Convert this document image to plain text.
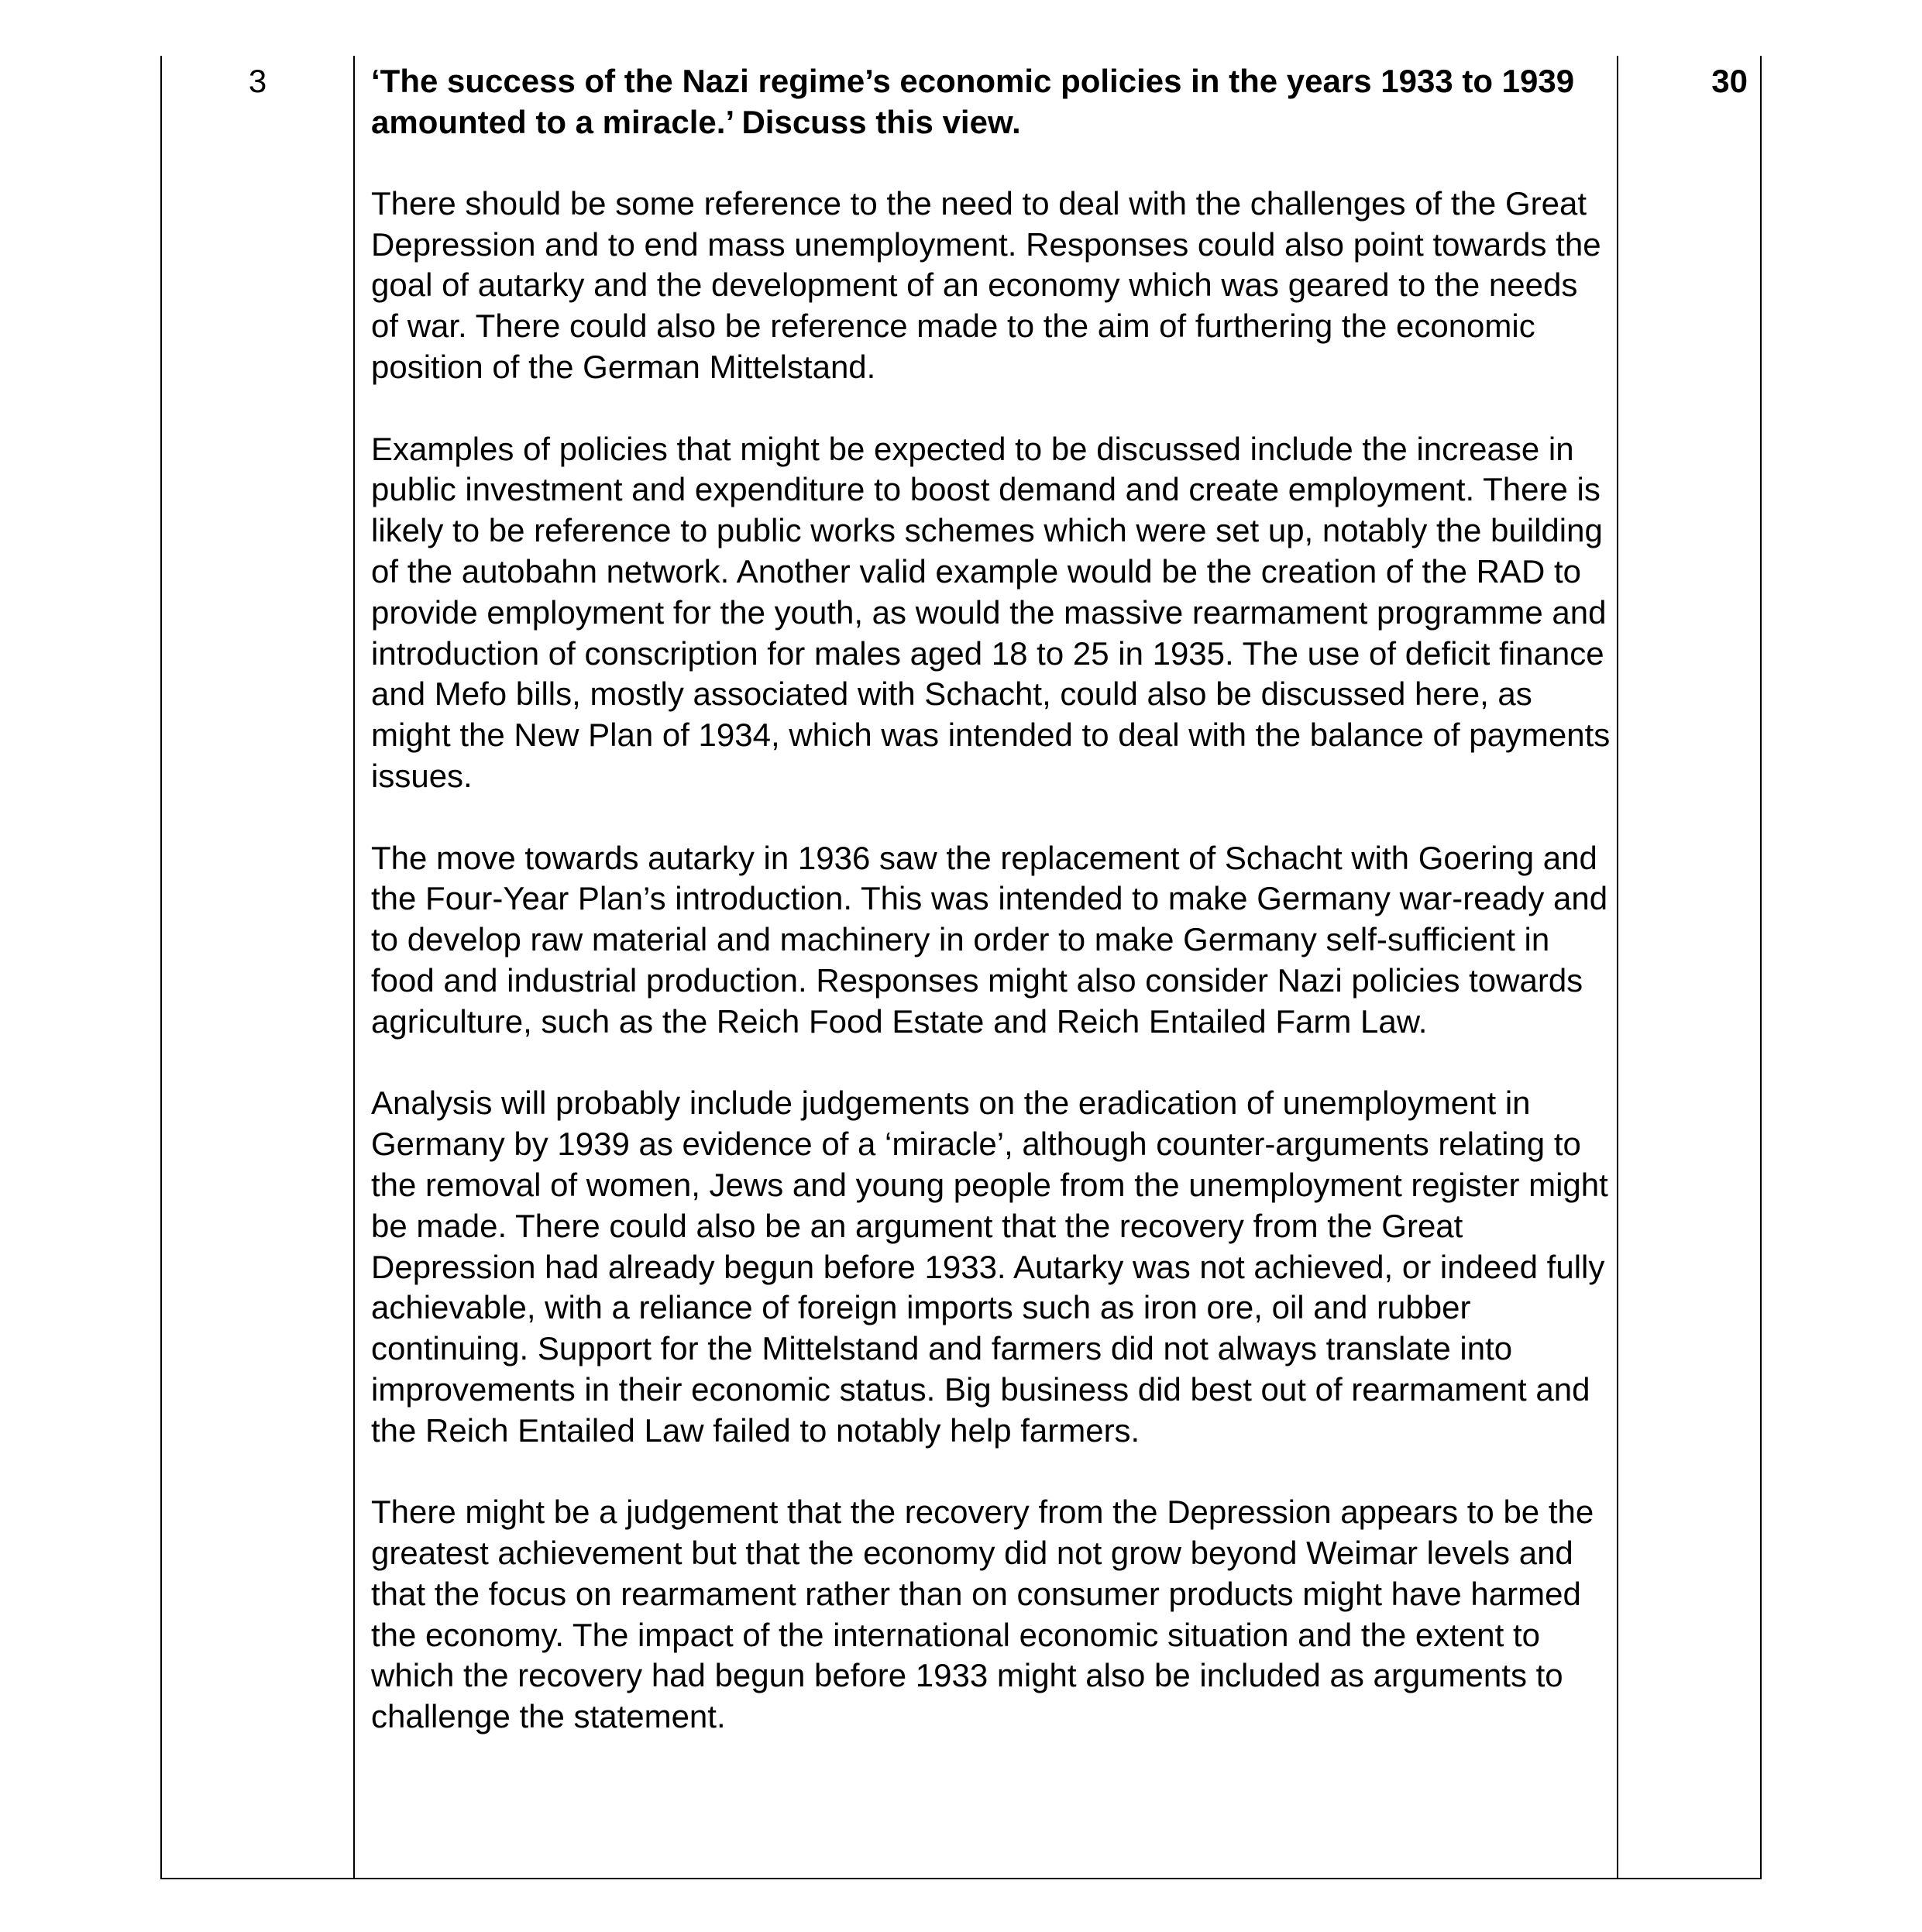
3	‘The success of the Nazi regime’s economic policies in the years 1933 to 1939 amounted to a miracle.’ Discuss this view.

There should be some reference to the need to deal with the challenges of the Great Depression and to end mass unemployment. Responses could also point towards the goal of autarky and the development of an economy which was geared to the needs of war. There could also be reference made to the aim of furthering the economic position of the German Mittelstand.

Examples of policies that might be expected to be discussed include the increase in public investment and expenditure to boost demand and create employment. There is likely to be reference to public works schemes which were set up, notably the building of the autobahn network. Another valid example would be the creation of the RAD to provide employment for the youth, as would the massive rearmament programme and introduction of conscription for males aged 18 to 25 in 1935. The use of deficit finance and Mefo bills, mostly associated with Schacht, could also be discussed here, as might the New Plan of 1934, which was intended to deal with the balance of payments issues.

The move towards autarky in 1936 saw the replacement of Schacht with Goering and the Four-Year Plan’s introduction. This was intended to make Germany war-ready and to develop raw material and machinery in order to make Germany self-sufficient in food and industrial production. Responses might also consider Nazi policies towards agriculture, such as the Reich Food Estate and Reich Entailed Farm Law.

Analysis will probably include judgements on the eradication of unemployment in Germany by 1939 as evidence of a ‘miracle’, although counter-arguments relating to the removal of women, Jews and young people from the unemployment register might be made. There could also be an argument that the recovery from the Great Depression had already begun before 1933. Autarky was not achieved, or indeed fully achievable, with a reliance of foreign imports such as iron ore, oil and rubber continuing. Support for the Mittelstand and farmers did not always translate into improvements in their economic status. Big business did best out of rearmament and the Reich Entailed Law failed to notably help farmers.

There might be a judgement that the recovery from the Depression appears to be the greatest achievement but that the economy did not grow beyond Weimar levels and that the focus on rearmament rather than on consumer products might have harmed the economy. The impact of the international economic situation and the extent to which the recovery had begun before 1933 might also be included as arguments to challenge the statement.

30
